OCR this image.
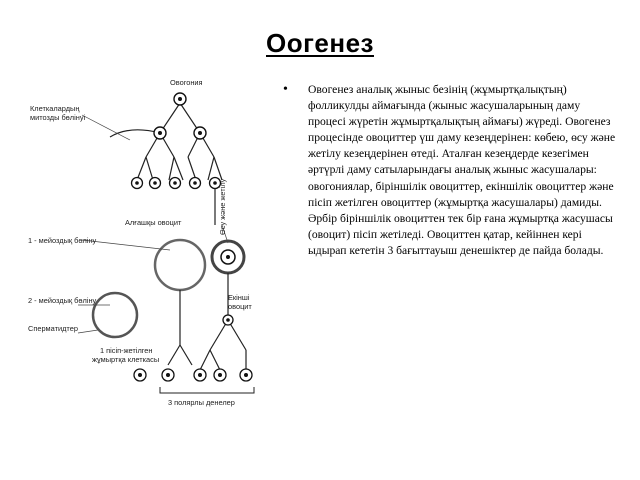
Оогенез
Овогония
Клеткалардың
митозды бөлінуі
Өсу және жетілу
Алғашқы овоцит
1 - мейоздық бөліну
2 - мейоздық бөліну	Екінші
овоцит
Сперматидтер
1 пісіп-жетілген
жұмыртқа клеткасы
3 полярлы денелер
•	Овогенез аналық жыныс безінің (жұмыртқалықтың) фолликулды аймағында (жыныс жасушаларының даму процесі жүретін жұмыртқалықтың аймағы) жүреді. Овогенез процесінде овоциттер үш даму кезеңдерінен: көбею, өсу және жетілу кезеңдерінен өтеді. Аталған кезеңдерде кезегімен әртүрлі даму сатыларындағы аналық жыныс жасушалары: овогониялар, біріншілік овоциттер, екіншілік овоциттер және пісіп жетілген овоциттер (жұмыртқа жасушалары) дамиды. Әрбір біріншілік овоциттен тек бір ғана жұмыртқа жасушасы (овоцит) пісіп жетіледі. Овоциттен қатар, кейіннен кері ыдырап кететін 3 бағыттауыш денешіктер де пайда болады.
